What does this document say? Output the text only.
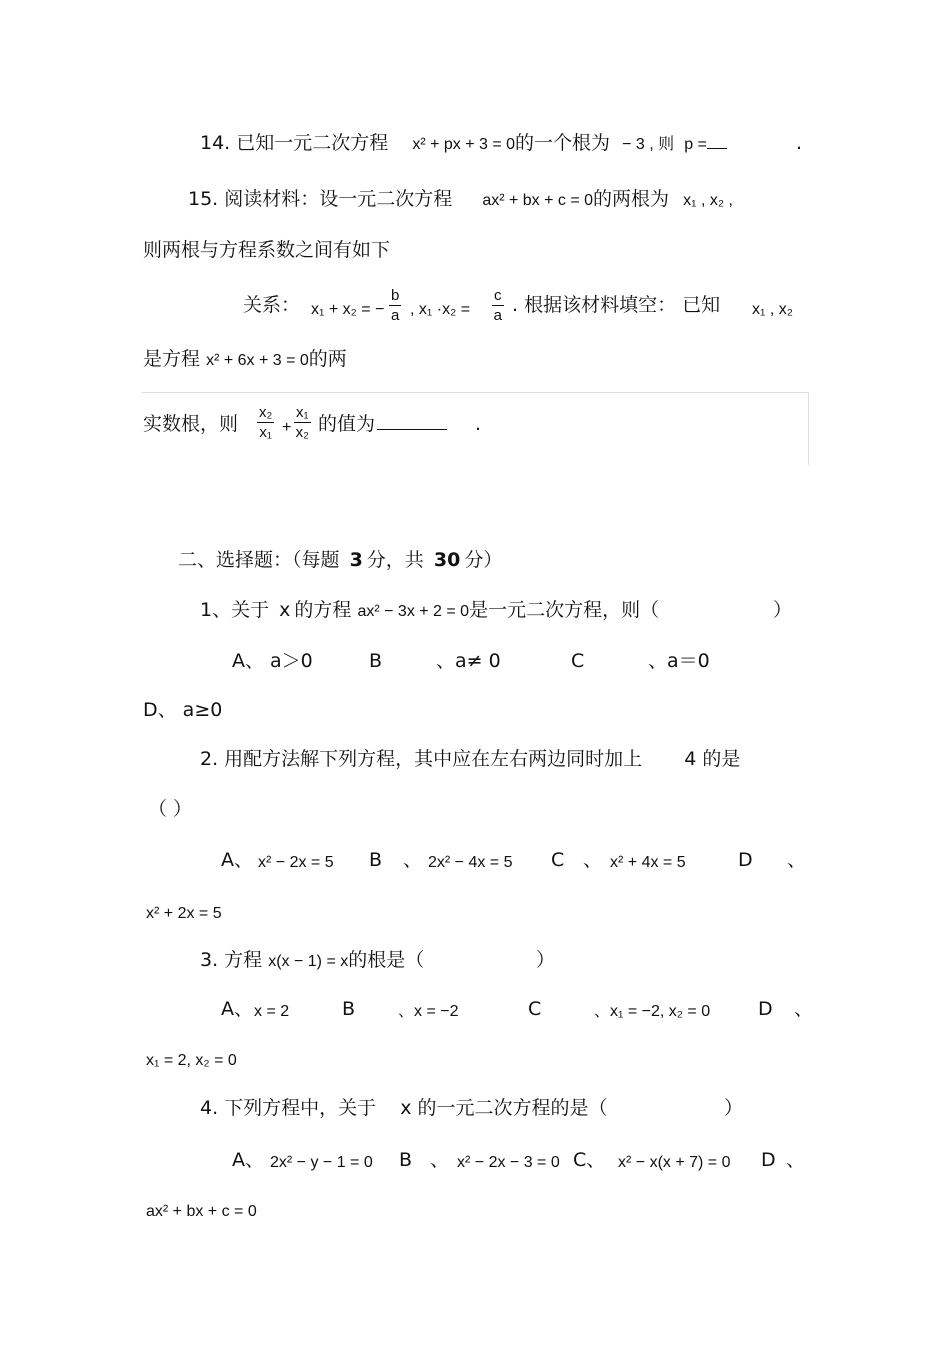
14. 已知一元二次方程 x² + px + 3 = 0的一个根为 − 3 , 则 p =	.
15. 阅读材料：设一元二次方程 ax² + bx + c = 0的两根为 x₁ , x₂ ,
则两根与方程系数之间有如下
关系： x₁ + x₂ = − $\frac{b}{a}$ , $x_1 \cdot x_2 = \frac{c}{a}$ . 根据该材料填空： 已知 x₁ , x₂
是方程 x² + 6x + 3 = 0的两
实数根，则 $\frac{\text{x₂}}{\text{x₁}} + \frac{\text{x₁}}{\text{x₂}}$ 的值为	.
二、选择题：（每题 3 分，共 30 分）
1、关于 x 的方程 ax² − 3x + 2 = 0是一元二次方程，则（	）
A、 a＞0	B	、a≠ 0	C	、a＝0
D、 a≥0
2. 用配方法解下列方程，其中应在左右两边同时加上 4 的是
（ ）
A、 x² − 2x = 5 B 、 2x² − 4x = 5 C 、 x² + 4x = 5	D 、
x² + 2x = 5
3. 方程 x(x − 1) = x的根是（	）
A、 x = 2	B	、x = −2	C	、x₁ = −2, x₂ = 0	D 、
x₁ = 2, x₂ = 0
4. 下列方程中，关于 x 的一元二次方程的是（	）
A、 2x² − y − 1 = 0 B 、 x² − 2x − 3 = 0 C、 x² − x(x + 7) = 0 D 、
ax² + bx + c = 0
